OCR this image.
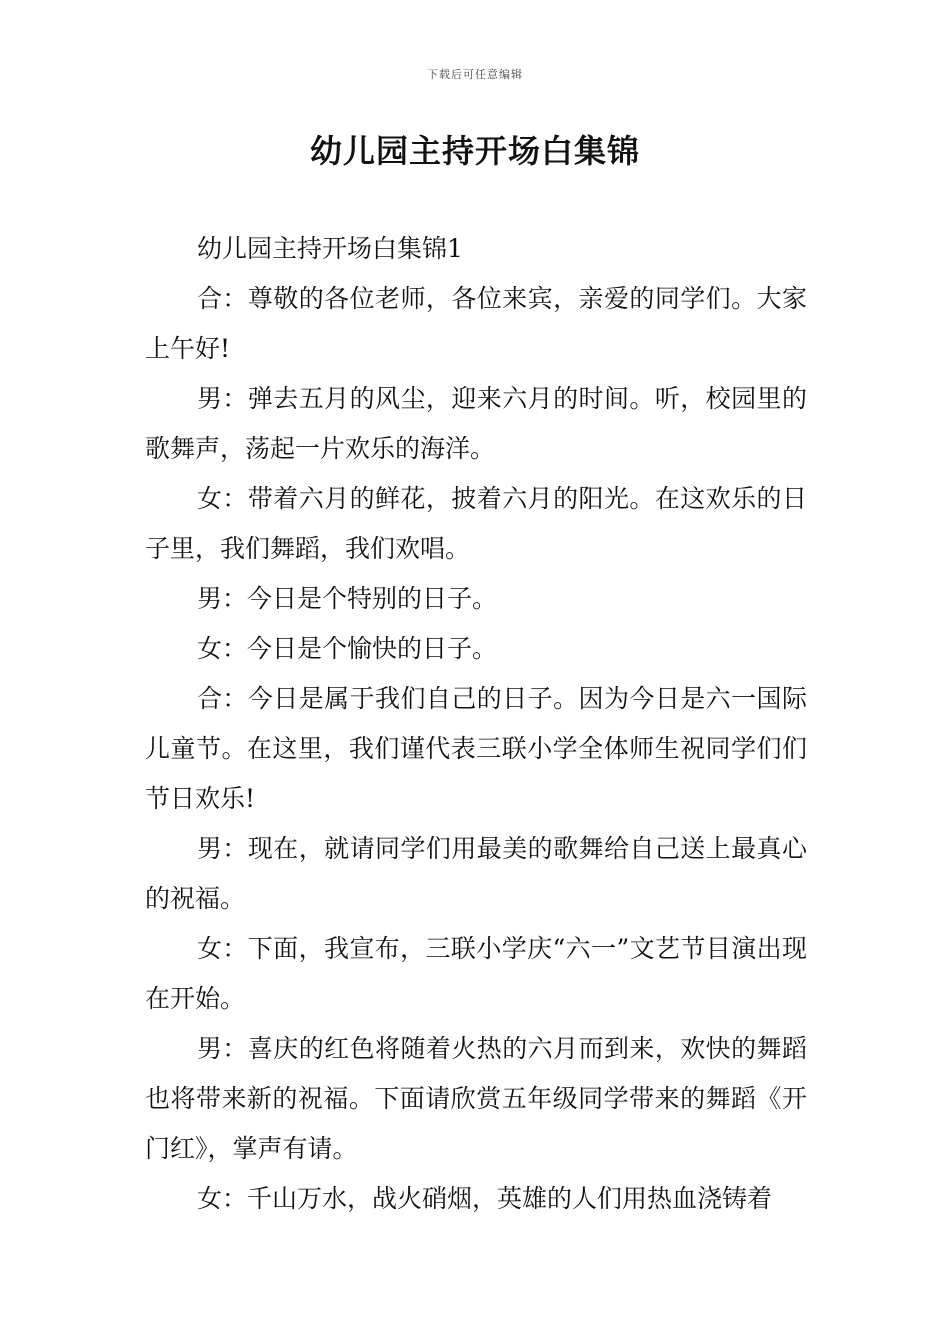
下载后可任意编辑
幼儿园主持开场白集锦

幼儿园主持开场白集锦1

合：尊敬的各位老师，各位来宾，亲爱的同学们。大家上午好!

男：弹去五月的风尘，迎来六月的时间。听，校园里的歌舞声，荡起一片欢乐的海洋。

女：带着六月的鲜花，披着六月的阳光。在这欢乐的日子里，我们舞蹈，我们欢唱。

男：今日是个特别的日子。

女：今日是个愉快的日子。

合：今日是属于我们自己的日子。因为今日是六一国际儿童节。在这里，我们谨代表三联小学全体师生祝同学们们节日欢乐!

男：现在，就请同学们用最美的歌舞给自己送上最真心的祝福。

女：下面，我宣布，三联小学庆“六一”文艺节目演出现在开始。

男：喜庆的红色将随着火热的六月而到来，欢快的舞蹈也将带来新的祝福。下面请欣赏五年级同学带来的舞蹈《开门红》，掌声有请。

女：千山万水，战火硝烟，英雄的人们用热血浇铸着
